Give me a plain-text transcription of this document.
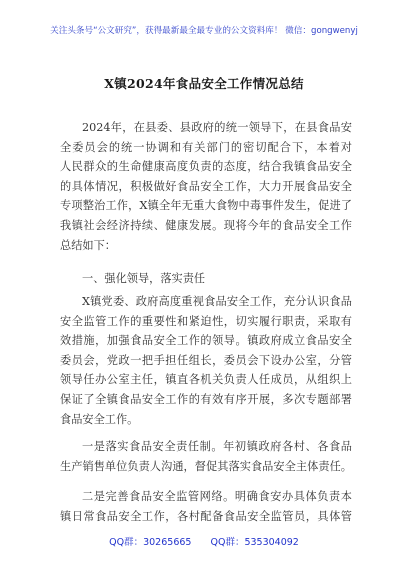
关注头条号“公文研究”，获得最新最全最专业的公文资料库！ 微信：gongwenyj
X镇2024年食品安全工作情况总结
2024年，在县委、县政府的统一领导下，在县食品安
全委员会的统一协调和有关部门的密切配合下，本着对
人民群众的生命健康高度负责的态度，结合我镇食品安全
的具体情况，积极做好食品安全工作，大力开展食品安全
专项整治工作，X镇全年无重大食物中毒事件发生，促进了
我镇社会经济持续、健康发展。现将今年的食品安全工作
总结如下：
一、强化领导，落实责任
X镇党委、政府高度重视食品安全工作，充分认识食品
安全监管工作的重要性和紧迫性，切实履行职责，采取有
效措施，加强食品安全工作的领导。镇政府成立食品安全
委员会，党政一把手担任组长，委员会下设办公室，分管
领导任办公室主任，镇直各机关负责人任成员，从组织上
保证了全镇食品安全工作的有效有序开展，多次专题部署
食品安全工作。
一是落实食品安全责任制。年初镇政府各村、各食品
生产销售单位负责人沟通，督促其落实食品安全主体责任。
二是完善食品安全监管网络。明确食安办具体负责本
镇日常食品安全工作，各村配备食品安全监管员，具体管
QQ群：30265665 QQ群：535304092
